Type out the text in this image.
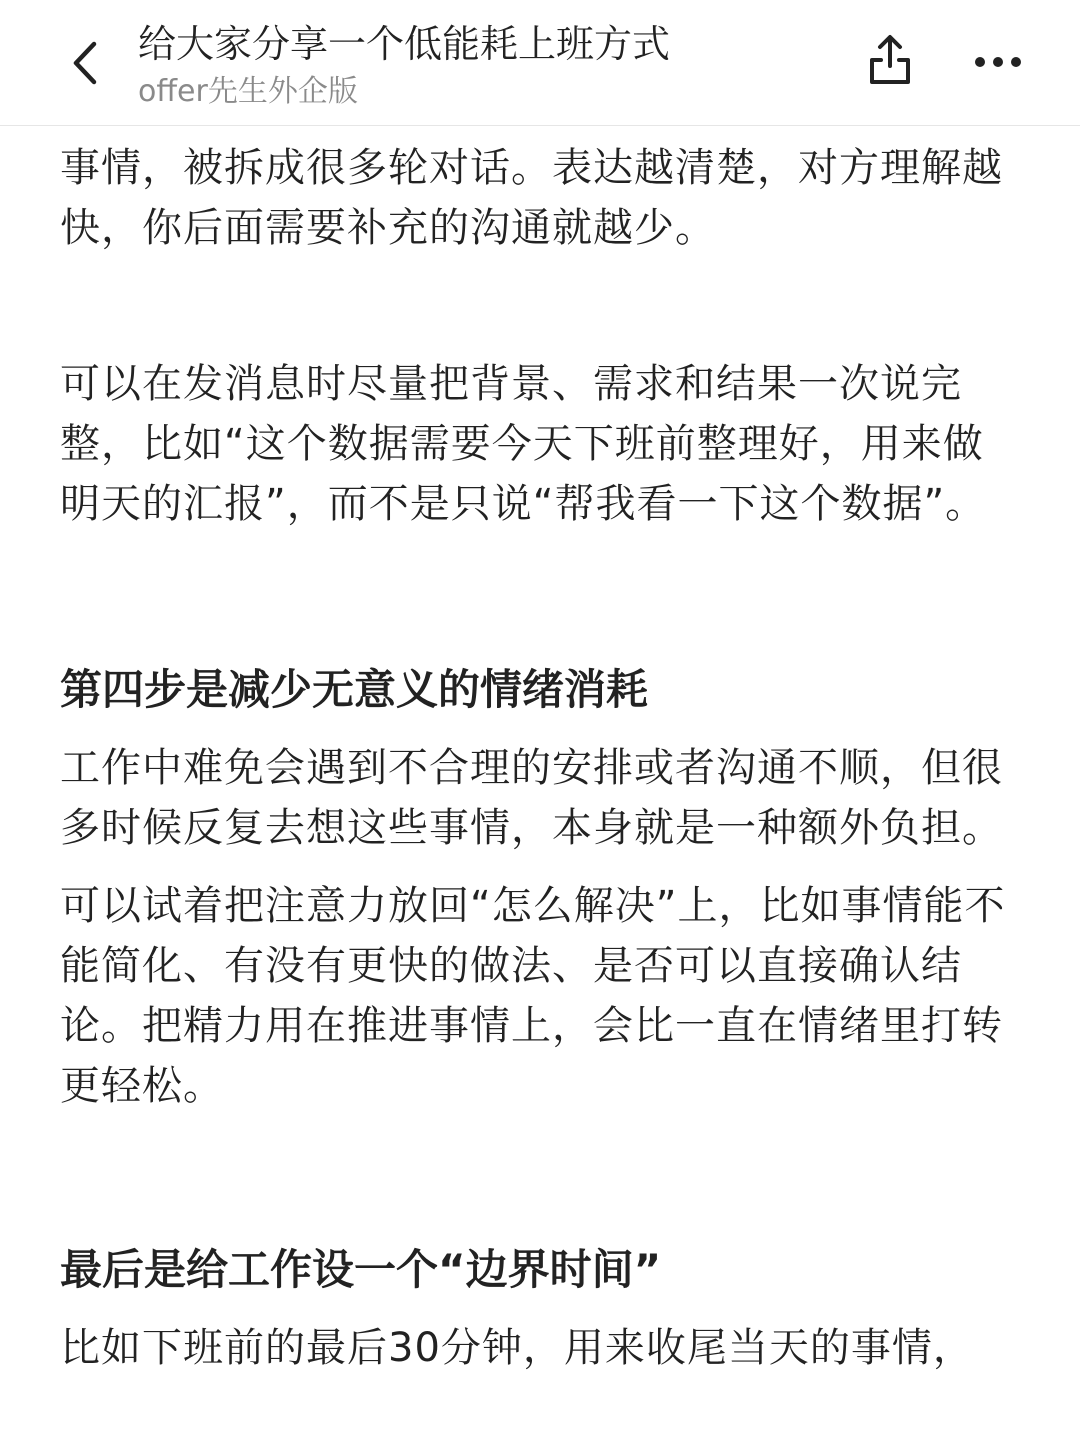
给大家分享一个低能耗上班方式
offer先生外企版

事情，被拆成很多轮对话。表达越清楚，对方理解越快，你后面需要补充的沟通就越少。

可以在发消息时尽量把背景、需求和结果一次说完整，比如“这个数据需要今天下班前整理好，用来做明天的汇报”，而不是只说“帮我看一下这个数据”。

第四步是减少无意义的情绪消耗

工作中难免会遇到不合理的安排或者沟通不顺，但很多时候反复去想这些事情，本身就是一种额外负担。

可以试着把注意力放回“怎么解决”上，比如事情能不能简化、有没有更快的做法、是否可以直接确认结论。把精力用在推进事情上，会比一直在情绪里打转更轻松。

最后是给工作设一个“边界时间”

比如下班前的最后30分钟，用来收尾当天的事情，
